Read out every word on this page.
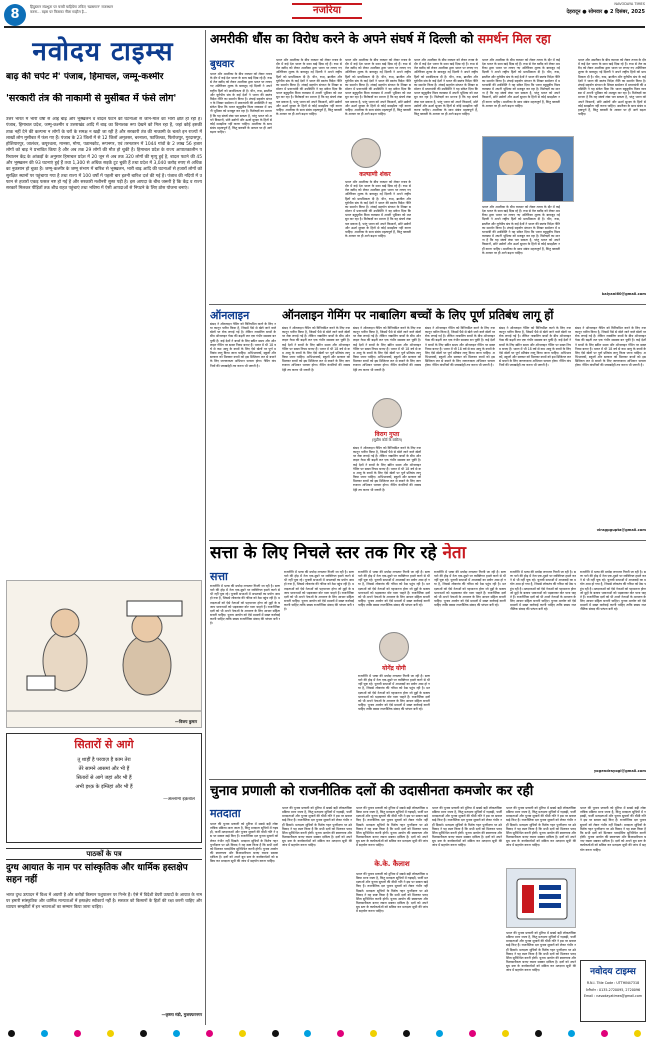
8	हिंदुस्तान संप्रभुता पर चरबी चाहियेगा तकिए 'खासगान' राजस्थान
करना... बहस पर किसका नीला माहौल है...	नजरिया
NAVODAYA TIMES
देहरादून ● सोमवार ● 2 दिसंबर, 2025
नवोदय टाइम्स
बाढ़ की चपेट में' पंजाब, हिमाचल, जम्मू-कश्मीर
'सरकारी तंत्र की नाकामी से मुसीबत में फंसे लोग'
उत्तर भारत में भारी वर्षा से आई बाढ़ और भूस्खलन व बादल फटने की घटनाओं से जान-माल को भारी क्षति हो रही है। पंजाब, हिमाचल प्रदेश, जम्मू-कश्मीर व उत्तराखंड आदि में बाढ़ का विनाशक रूप देखने को मिल रहा है, जहां कोई इसकी ताक नहीं देने की कल्पना न लोगों के घरों के समक्ष न खड़ी जा रही है और सरकारी तंत्र की नाकामी के चलते इन राज्यों में लाखों लोग मुसीबत में फंस गए हैं। पंजाब के 23 जिलों में से 12 जिलों अमृतसर, बरनाला, फाजिल्का, फिरोजपुर, गुरदासपुर, होशियारपुर, जालंधर, कपूरथला, मानसा, मोगा, पठानकोट, रूपनगर, एवं तरनतारन में 1044 गांवों के 2 लाख 56 हजार लोगों को बाढ़ ने प्रभावित किया है और अब तक 29 लोगों की मौत हो चुकी है। हिमाचल प्रदेश के राज्य आपातकालीन परिचालन केंद्र के आंकड़ों के अनुसार हिमाचल प्रदेश में 20 जून से अब तक 320 लोगों की मृत्यु हुई है, बादल फटने की 45 और भूस्खलन की 93 घटनाएं हुई हैं तथा 1,300 से अधिक सड़कें टूट चुकी हैं तथा प्रदेश में 3,040 करोड़ रुपए से अधिक का नुकसान हो चुका है। जम्मू-कश्मीर के जम्मू संभाग में बारिश से भूस्खलन, भारी बाढ़ आदि की घटनाओं से हजारों लोगों को सुरक्षित स्थानों पर पहुंचाया गया है तथा राज्य में 100 वर्षों में पहली बार इतनी बारिश दर्ज की गई है। पंजाब की नदियों में उफान से हजारों एकड़ फसल नष्ट हो गई है और सरकारी मशीनरी सुस्त पड़ी है। इस आपदा के बीच जरूरी है कि केंद्र व राज्य सरकारें मिलकर पीड़ितों तक शीघ्र राहत पहुंचाएं तथा भविष्य में ऐसी आपदाओं से निपटने के लिए ठोस योजना बनाएं।
—विजय कुमार
सितारों से आगे
तू शाहीं है परवाज़ है काम तेरा
तेरे सामने आसमां और भी हैं
सितारों से आगे जहां और भी हैं
अभी इश्क़ के इम्तिहां और भी हैं
—अल्लामा इक़बाल
पाठकों के पत्र
दुग्ध आयात के नाम पर सांस्कृतिक और धार्मिक हस्तक्षेप सहन नहीं
भारत दुग्ध उत्पादन में विश्व में अग्रणी है और करोड़ों किसान पशुपालन पर निर्भर हैं। ऐसे में विदेशी डेयरी उत्पादों के आयात के नाम पर हमारी सांस्कृतिक और धार्मिक मान्यताओं में हस्तक्षेप स्वीकार्य नहीं है। सरकार को किसानों के हितों की रक्षा करनी चाहिए और व्यापार समझौतों में इन भावनाओं का सम्मान किया जाना चाहिए।
—कृष्णा मंडी, मुजफ्फरनगर
अमरीकी धौंस का विरोध करने के अपने संघर्ष में दिल्ली को समर्थन मिल रहा
बुधवार
भारत और अमरीका के बीच व्यापार को लेकर तनाव के दौर में कई देश भारत के साथ खड़े दिख रहे हैं। रूस से तेल खरीद को लेकर अमरीका द्वारा भारत पर लगाए गए अतिरिक्त शुल्क के बावजूद नई दिल्ली ने अपने राष्ट्रीय हितों को प्राथमिकता दी है। चीन, रूस, ब्राजील और यूरोपीय संघ के कई देशों ने भारत की स्वतंत्र विदेश नीति का समर्थन किया है। शंघाई सहयोग संगठन के शिखर सम्मेलन में प्रधानमंत्री की उपस्थिति ने यह संकेत दिया कि भारत बहुध्रुवीय विश्व व्यवस्था में अपनी भूमिका को मजबूत कर रहा है। विशेषज्ञों का मानना है कि यह संघर्ष लंबा चल सकता है, परंतु भारत को अपने किसानों, छोटे उद्योगों और ऊर्जा सुरक्षा के हितों से कोई समझौता नहीं करना चाहिए। अमरीका के साथ संबंध महत्वपूर्ण हैं, किंतु बराबरी के आधार पर ही आगे बढ़ना चाहिए।
भारत और अमरीका के बीच व्यापार को लेकर तनाव के दौर में कई देश भारत के साथ खड़े दिख रहे हैं। रूस से तेल खरीद को लेकर अमरीका द्वारा भारत पर लगाए गए अतिरिक्त शुल्क के बावजूद नई दिल्ली ने अपने राष्ट्रीय हितों को प्राथमिकता दी है। चीन, रूस, ब्राजील और यूरोपीय संघ के कई देशों ने भारत की स्वतंत्र विदेश नीति का समर्थन किया है। शंघाई सहयोग संगठन के शिखर सम्मेलन में प्रधानमंत्री की उपस्थिति ने यह संकेत दिया कि भारत बहुध्रुवीय विश्व व्यवस्था में अपनी भूमिका को मजबूत कर रहा है। विशेषज्ञों का मानना है कि यह संघर्ष लंबा चल सकता है, परंतु भारत को अपने किसानों, छोटे उद्योगों और ऊर्जा सुरक्षा के हितों से कोई समझौता नहीं करना चाहिए। अमरीका के साथ संबंध महत्वपूर्ण हैं, किंतु बराबरी के आधार पर ही आगे बढ़ना चाहिए।
कल्याणी शंकर
भारत और अमरीका के बीच व्यापार को लेकर तनाव के दौर में कई देश भारत के साथ खड़े दिख रहे हैं। रूस से तेल खरीद को लेकर अमरीका द्वारा भारत पर लगाए गए अतिरिक्त शुल्क के बावजूद नई दिल्ली ने अपने राष्ट्रीय हितों को प्राथमिकता दी है। चीन, रूस, ब्राजील और यूरोपीय संघ के कई देशों ने भारत की स्वतंत्र विदेश नीति का समर्थन किया है। शंघाई सहयोग संगठन के शिखर सम्मेलन में प्रधानमंत्री की उपस्थिति ने यह संकेत दिया कि भारत बहुध्रुवीय विश्व व्यवस्था में अपनी भूमिका को मजबूत कर रहा है। विशेषज्ञों का मानना है कि यह संघर्ष लंबा चल सकता है, परंतु भारत को अपने किसानों, छोटे उद्योगों और ऊर्जा सुरक्षा के हितों से कोई समझौता नहीं करना चाहिए। अमरीका के साथ संबंध महत्वपूर्ण हैं, किंतु बराबरी के आधार पर ही आगे बढ़ना चाहिए।
भारत और अमरीका के बीच व्यापार को लेकर तनाव के दौर में कई देश भारत के साथ खड़े दिख रहे हैं। रूस से तेल खरीद को लेकर अमरीका द्वारा भारत पर लगाए गए अतिरिक्त शुल्क के बावजूद नई दिल्ली ने अपने राष्ट्रीय हितों को प्राथमिकता दी है। चीन, रूस, ब्राजील और यूरोपीय संघ के कई देशों ने भारत की स्वतंत्र विदेश नीति का समर्थन किया है। शंघाई सहयोग संगठन के शिखर सम्मेलन में प्रधानमंत्री की उपस्थिति ने यह संकेत दिया कि भारत बहुध्रुवीय विश्व व्यवस्था में अपनी भूमिका को मजबूत कर रहा है। विशेषज्ञों का मानना है कि यह संघर्ष लंबा चल सकता है, परंतु भारत को अपने किसानों, छोटे उद्योगों और ऊर्जा सुरक्षा के हितों से कोई समझौता नहीं करना चाहिए। अमरीका के साथ संबंध महत्वपूर्ण हैं, किंतु बराबरी के आधार पर ही आगे बढ़ना चाहिए।
भारत और अमरीका के बीच व्यापार को लेकर तनाव के दौर में कई देश भारत के साथ खड़े दिख रहे हैं। रूस से तेल खरीद को लेकर अमरीका द्वारा भारत पर लगाए गए अतिरिक्त शुल्क के बावजूद नई दिल्ली ने अपने राष्ट्रीय हितों को प्राथमिकता दी है। चीन, रूस, ब्राजील और यूरोपीय संघ के कई देशों ने भारत की स्वतंत्र विदेश नीति का समर्थन किया है। शंघाई सहयोग संगठन के शिखर सम्मेलन में प्रधानमंत्री की उपस्थिति ने यह संकेत दिया कि भारत बहुध्रुवीय विश्व व्यवस्था में अपनी भूमिका को मजबूत कर रहा है। विशेषज्ञों का मानना है कि यह संघर्ष लंबा चल सकता है, परंतु भारत को अपने किसानों, छोटे उद्योगों और ऊर्जा सुरक्षा के हितों से कोई समझौता नहीं करना चाहिए। अमरीका के साथ संबंध महत्वपूर्ण हैं, किंतु बराबरी के आधार पर ही आगे बढ़ना चाहिए।
भारत और अमरीका के बीच व्यापार को लेकर तनाव के दौर में कई देश भारत के साथ खड़े दिख रहे हैं। रूस से तेल खरीद को लेकर अमरीका द्वारा भारत पर लगाए गए अतिरिक्त शुल्क के बावजूद नई दिल्ली ने अपने राष्ट्रीय हितों को प्राथमिकता दी है। चीन, रूस, ब्राजील और यूरोपीय संघ के कई देशों ने भारत की स्वतंत्र विदेश नीति का समर्थन किया है। शंघाई सहयोग संगठन के शिखर सम्मेलन में प्रधानमंत्री की उपस्थिति ने यह संकेत दिया कि भारत बहुध्रुवीय विश्व व्यवस्था में अपनी भूमिका को मजबूत कर रहा है। विशेषज्ञों का मानना है कि यह संघर्ष लंबा चल सकता है, परंतु भारत को अपने किसानों, छोटे उद्योगों और ऊर्जा सुरक्षा के हितों से कोई समझौता नहीं करना चाहिए। अमरीका के साथ संबंध महत्वपूर्ण हैं, किंतु बराबरी के आधार पर ही आगे बढ़ना चाहिए।
भारत और अमरीका के बीच व्यापार को लेकर तनाव के दौर में कई देश भारत के साथ खड़े दिख रहे हैं। रूस से तेल खरीद को लेकर अमरीका द्वारा भारत पर लगाए गए अतिरिक्त शुल्क के बावजूद नई दिल्ली ने अपने राष्ट्रीय हितों को प्राथमिकता दी है। चीन, रूस, ब्राजील और यूरोपीय संघ के कई देशों ने भारत की स्वतंत्र विदेश नीति का समर्थन किया है। शंघाई सहयोग संगठन के शिखर सम्मेलन में प्रधानमंत्री की उपस्थिति ने यह संकेत दिया कि भारत बहुध्रुवीय विश्व व्यवस्था में अपनी भूमिका को मजबूत कर रहा है। विशेषज्ञों का मानना है कि यह संघर्ष लंबा चल सकता है, परंतु भारत को अपने किसानों, छोटे उद्योगों और ऊर्जा सुरक्षा के हितों से कोई समझौता नहीं करना चाहिए। अमरीका के साथ संबंध महत्वपूर्ण हैं, किंतु बराबरी के आधार पर ही आगे बढ़ना चाहिए।
भारत और अमरीका के बीच व्यापार को लेकर तनाव के दौर में कई देश भारत के साथ खड़े दिख रहे हैं। रूस से तेल खरीद को लेकर अमरीका द्वारा भारत पर लगाए गए अतिरिक्त शुल्क के बावजूद नई दिल्ली ने अपने राष्ट्रीय हितों को प्राथमिकता दी है। चीन, रूस, ब्राजील और यूरोपीय संघ के कई देशों ने भारत की स्वतंत्र विदेश नीति का समर्थन किया है। शंघाई सहयोग संगठन के शिखर सम्मेलन में प्रधानमंत्री की उपस्थिति ने यह संकेत दिया कि भारत बहुध्रुवीय विश्व व्यवस्था में अपनी भूमिका को मजबूत कर रहा है। विशेषज्ञों का मानना है कि यह संघर्ष लंबा चल सकता है, परंतु भारत को अपने किसानों, छोटे उद्योगों और ऊर्जा सुरक्षा के हितों से कोई समझौता नहीं करना चाहिए। अमरीका के साथ संबंध महत्वपूर्ण हैं, किंतु बराबरी के आधार पर ही आगे बढ़ना चाहिए।
kalyani60@gmail.com
ऑनलाइन
संसद ने ऑनलाइन गेमिंग को विनियमित करने के लिए नया कानून पारित किया है, जिसमें पैसे से खेले जाने वाले खेलों पर रोक लगाई गई है। लेकिन नाबालिग बच्चों के बीच ऑनलाइन गेम्स की बढ़ती लत एक गंभीर समस्या बन चुकी है। कई देशों ने बच्चों के लिए स्क्रीन समय और ऑनलाइन गेमिंग पर सख्त नियम बनाए हैं। भारत में भी 18 वर्ष से कम आयु के बच्चों के लिए ऐसे खेलों पर पूर्ण प्रतिबंध लागू किया जाना चाहिए। अभिभावकों, स्कूलों और सरकार को मिलकर बच्चों को इस डिजिटल लत से बचाने के लिए जागरूकता अभियान चलाना होगा। गेमिंग कंपनियों की जवाबदेही तय करना भी जरूरी है।
ऑनलाइन गेमिंग पर नाबालिग बच्चों के लिए पूर्ण प्रतिबंध लागू हों
संसद ने ऑनलाइन गेमिंग को विनियमित करने के लिए नया कानून पारित किया है, जिसमें पैसे से खेले जाने वाले खेलों पर रोक लगाई गई है। लेकिन नाबालिग बच्चों के बीच ऑनलाइन गेम्स की बढ़ती लत एक गंभीर समस्या बन चुकी है। कई देशों ने बच्चों के लिए स्क्रीन समय और ऑनलाइन गेमिंग पर सख्त नियम बनाए हैं। भारत में भी 18 वर्ष से कम आयु के बच्चों के लिए ऐसे खेलों पर पूर्ण प्रतिबंध लागू किया जाना चाहिए। अभिभावकों, स्कूलों और सरकार को मिलकर बच्चों को इस डिजिटल लत से बचाने के लिए जागरूकता अभियान चलाना होगा। गेमिंग कंपनियों की जवाबदेही तय करना भी जरूरी है।
संसद ने ऑनलाइन गेमिंग को विनियमित करने के लिए नया कानून पारित किया है, जिसमें पैसे से खेले जाने वाले खेलों पर रोक लगाई गई है। लेकिन नाबालिग बच्चों के बीच ऑनलाइन गेम्स की बढ़ती लत एक गंभीर समस्या बन चुकी है। कई देशों ने बच्चों के लिए स्क्रीन समय और ऑनलाइन गेमिंग पर सख्त नियम बनाए हैं। भारत में भी 18 वर्ष से कम आयु के बच्चों के लिए ऐसे खेलों पर पूर्ण प्रतिबंध लागू किया जाना चाहिए। अभिभावकों, स्कूलों और सरकार को मिलकर बच्चों को इस डिजिटल लत से बचाने के लिए जागरूकता अभियान चलाना होगा। गेमिंग कंपनियों की जवाबदेही तय करना भी जरूरी है।
विराग गुप्ता
(सुप्रीम कोर्ट के वकील)
संसद ने ऑनलाइन गेमिंग को विनियमित करने के लिए नया कानून पारित किया है, जिसमें पैसे से खेले जाने वाले खेलों पर रोक लगाई गई है। लेकिन नाबालिग बच्चों के बीच ऑनलाइन गेम्स की बढ़ती लत एक गंभीर समस्या बन चुकी है। कई देशों ने बच्चों के लिए स्क्रीन समय और ऑनलाइन गेमिंग पर सख्त नियम बनाए हैं। भारत में भी 18 वर्ष से कम आयु के बच्चों के लिए ऐसे खेलों पर पूर्ण प्रतिबंध लागू किया जाना चाहिए। अभिभावकों, स्कूलों और सरकार को मिलकर बच्चों को इस डिजिटल लत से बचाने के लिए जागरूकता अभियान चलाना होगा। गेमिंग कंपनियों की जवाबदेही तय करना भी जरूरी है।
संसद ने ऑनलाइन गेमिंग को विनियमित करने के लिए नया कानून पारित किया है, जिसमें पैसे से खेले जाने वाले खेलों पर रोक लगाई गई है। लेकिन नाबालिग बच्चों के बीच ऑनलाइन गेम्स की बढ़ती लत एक गंभीर समस्या बन चुकी है। कई देशों ने बच्चों के लिए स्क्रीन समय और ऑनलाइन गेमिंग पर सख्त नियम बनाए हैं। भारत में भी 18 वर्ष से कम आयु के बच्चों के लिए ऐसे खेलों पर पूर्ण प्रतिबंध लागू किया जाना चाहिए। अभिभावकों, स्कूलों और सरकार को मिलकर बच्चों को इस डिजिटल लत से बचाने के लिए जागरूकता अभियान चलाना होगा। गेमिंग कंपनियों की जवाबदेही तय करना भी जरूरी है।
संसद ने ऑनलाइन गेमिंग को विनियमित करने के लिए नया कानून पारित किया है, जिसमें पैसे से खेले जाने वाले खेलों पर रोक लगाई गई है। लेकिन नाबालिग बच्चों के बीच ऑनलाइन गेम्स की बढ़ती लत एक गंभीर समस्या बन चुकी है। कई देशों ने बच्चों के लिए स्क्रीन समय और ऑनलाइन गेमिंग पर सख्त नियम बनाए हैं। भारत में भी 18 वर्ष से कम आयु के बच्चों के लिए ऐसे खेलों पर पूर्ण प्रतिबंध लागू किया जाना चाहिए। अभिभावकों, स्कूलों और सरकार को मिलकर बच्चों को इस डिजिटल लत से बचाने के लिए जागरूकता अभियान चलाना होगा। गेमिंग कंपनियों की जवाबदेही तय करना भी जरूरी है।
संसद ने ऑनलाइन गेमिंग को विनियमित करने के लिए नया कानून पारित किया है, जिसमें पैसे से खेले जाने वाले खेलों पर रोक लगाई गई है। लेकिन नाबालिग बच्चों के बीच ऑनलाइन गेम्स की बढ़ती लत एक गंभीर समस्या बन चुकी है। कई देशों ने बच्चों के लिए स्क्रीन समय और ऑनलाइन गेमिंग पर सख्त नियम बनाए हैं। भारत में भी 18 वर्ष से कम आयु के बच्चों के लिए ऐसे खेलों पर पूर्ण प्रतिबंध लागू किया जाना चाहिए। अभिभावकों, स्कूलों और सरकार को मिलकर बच्चों को इस डिजिटल लत से बचाने के लिए जागरूकता अभियान चलाना होगा। गेमिंग कंपनियों की जवाबदेही तय करना भी जरूरी है।
viragpgupta@gmail.com
सत्ता के लिए निचले स्तर तक गिर रहे नेता
सत्ता
राजनीति में भाषा की मर्यादा लगातार गिरती जा रही है। सत्ता पाने की होड़ में नेता एक-दूसरे पर व्यक्तिगत हमले करने से भी नहीं चूक रहे। चुनावी सभाओं में अपशब्दों का प्रयोग आम हो गया है, जिससे लोकतंत्र की गरिमा को ठेस पहुंच रही है। मतदाताओं को ऐसे नेताओं को पहचानना होगा जो मुद्दों के बजाय भावनाओं को भड़काकर वोट पाना चाहते हैं। राजनीतिक दलों को भी अपने नेताओं के आचरण के लिए आचार संहिता बनानी चाहिए। चुनाव आयोग को ऐसे मामलों में सख्त कार्रवाई करनी चाहिए ताकि स्वस्थ राजनीतिक संवाद की परंपरा बनी रहे।
राजनीति में भाषा की मर्यादा लगातार गिरती जा रही है। सत्ता पाने की होड़ में नेता एक-दूसरे पर व्यक्तिगत हमले करने से भी नहीं चूक रहे। चुनावी सभाओं में अपशब्दों का प्रयोग आम हो गया है, जिससे लोकतंत्र की गरिमा को ठेस पहुंच रही है। मतदाताओं को ऐसे नेताओं को पहचानना होगा जो मुद्दों के बजाय भावनाओं को भड़काकर वोट पाना चाहते हैं। राजनीतिक दलों को भी अपने नेताओं के आचरण के लिए आचार संहिता बनानी चाहिए। चुनाव आयोग को ऐसे मामलों में सख्त कार्रवाई करनी चाहिए ताकि स्वस्थ राजनीतिक संवाद की परंपरा बनी रहे।
राजनीति में भाषा की मर्यादा लगातार गिरती जा रही है। सत्ता पाने की होड़ में नेता एक-दूसरे पर व्यक्तिगत हमले करने से भी नहीं चूक रहे। चुनावी सभाओं में अपशब्दों का प्रयोग आम हो गया है, जिससे लोकतंत्र की गरिमा को ठेस पहुंच रही है। मतदाताओं को ऐसे नेताओं को पहचानना होगा जो मुद्दों के बजाय भावनाओं को भड़काकर वोट पाना चाहते हैं। राजनीतिक दलों को भी अपने नेताओं के आचरण के लिए आचार संहिता बनानी चाहिए। चुनाव आयोग को ऐसे मामलों में सख्त कार्रवाई करनी चाहिए ताकि स्वस्थ राजनीतिक संवाद की परंपरा बनी रहे।
योगेंद्र योगी
राजनीति में भाषा की मर्यादा लगातार गिरती जा रही है। सत्ता पाने की होड़ में नेता एक-दूसरे पर व्यक्तिगत हमले करने से भी नहीं चूक रहे। चुनावी सभाओं में अपशब्दों का प्रयोग आम हो गया है, जिससे लोकतंत्र की गरिमा को ठेस पहुंच रही है। मतदाताओं को ऐसे नेताओं को पहचानना होगा जो मुद्दों के बजाय भावनाओं को भड़काकर वोट पाना चाहते हैं। राजनीतिक दलों को भी अपने नेताओं के आचरण के लिए आचार संहिता बनानी चाहिए। चुनाव आयोग को ऐसे मामलों में सख्त कार्रवाई करनी चाहिए ताकि स्वस्थ राजनीतिक संवाद की परंपरा बनी रहे।
राजनीति में भाषा की मर्यादा लगातार गिरती जा रही है। सत्ता पाने की होड़ में नेता एक-दूसरे पर व्यक्तिगत हमले करने से भी नहीं चूक रहे। चुनावी सभाओं में अपशब्दों का प्रयोग आम हो गया है, जिससे लोकतंत्र की गरिमा को ठेस पहुंच रही है। मतदाताओं को ऐसे नेताओं को पहचानना होगा जो मुद्दों के बजाय भावनाओं को भड़काकर वोट पाना चाहते हैं। राजनीतिक दलों को भी अपने नेताओं के आचरण के लिए आचार संहिता बनानी चाहिए। चुनाव आयोग को ऐसे मामलों में सख्त कार्रवाई करनी चाहिए ताकि स्वस्थ राजनीतिक संवाद की परंपरा बनी रहे।
राजनीति में भाषा की मर्यादा लगातार गिरती जा रही है। सत्ता पाने की होड़ में नेता एक-दूसरे पर व्यक्तिगत हमले करने से भी नहीं चूक रहे। चुनावी सभाओं में अपशब्दों का प्रयोग आम हो गया है, जिससे लोकतंत्र की गरिमा को ठेस पहुंच रही है। मतदाताओं को ऐसे नेताओं को पहचानना होगा जो मुद्दों के बजाय भावनाओं को भड़काकर वोट पाना चाहते हैं। राजनीतिक दलों को भी अपने नेताओं के आचरण के लिए आचार संहिता बनानी चाहिए। चुनाव आयोग को ऐसे मामलों में सख्त कार्रवाई करनी चाहिए ताकि स्वस्थ राजनीतिक संवाद की परंपरा बनी रहे।
राजनीति में भाषा की मर्यादा लगातार गिरती जा रही है। सत्ता पाने की होड़ में नेता एक-दूसरे पर व्यक्तिगत हमले करने से भी नहीं चूक रहे। चुनावी सभाओं में अपशब्दों का प्रयोग आम हो गया है, जिससे लोकतंत्र की गरिमा को ठेस पहुंच रही है। मतदाताओं को ऐसे नेताओं को पहचानना होगा जो मुद्दों के बजाय भावनाओं को भड़काकर वोट पाना चाहते हैं। राजनीतिक दलों को भी अपने नेताओं के आचरण के लिए आचार संहिता बनानी चाहिए। चुनाव आयोग को ऐसे मामलों में सख्त कार्रवाई करनी चाहिए ताकि स्वस्थ राजनीतिक संवाद की परंपरा बनी रहे।
yogendrayogi@gmail.com
चुनाव प्रणाली को राजनीतिक दलों की उदासीनता कमजोर कर रही
मतदाता
भारत की चुनाव प्रणाली को दुनिया में सबसे बड़ी लोकतांत्रिक प्रक्रिया माना जाता है, किंतु मतदाता सूचियों में गड़बड़ी, फर्जी मतदाताओं और चुनाव सुधारों की धीमी गति ने इस पर सवाल खड़े किए हैं। राजनीतिक दल चुनाव सुधारों को लेकर गंभीर नहीं दिखते। मतदाता सूचियों के विशेष गहन पुनरीक्षण पर उठे विवाद ने यह स्पष्ट किया है कि सभी दलों को मिलकर पारदर्शिता सुनिश्चित करनी होगी। चुनाव आयोग की स्वायत्तता और विश्वसनीयता बनाए रखना सबका दायित्व है। दलों को अपने बूथ स्तर के कार्यकर्ताओं को सक्रिय कर मतदाता सूची की जांच में सहयोग करना चाहिए।
भारत की चुनाव प्रणाली को दुनिया में सबसे बड़ी लोकतांत्रिक प्रक्रिया माना जाता है, किंतु मतदाता सूचियों में गड़बड़ी, फर्जी मतदाताओं और चुनाव सुधारों की धीमी गति ने इस पर सवाल खड़े किए हैं। राजनीतिक दल चुनाव सुधारों को लेकर गंभीर नहीं दिखते। मतदाता सूचियों के विशेष गहन पुनरीक्षण पर उठे विवाद ने यह स्पष्ट किया है कि सभी दलों को मिलकर पारदर्शिता सुनिश्चित करनी होगी। चुनाव आयोग की स्वायत्तता और विश्वसनीयता बनाए रखना सबका दायित्व है। दलों को अपने बूथ स्तर के कार्यकर्ताओं को सक्रिय कर मतदाता सूची की जांच में सहयोग करना चाहिए।
भारत की चुनाव प्रणाली को दुनिया में सबसे बड़ी लोकतांत्रिक प्रक्रिया माना जाता है, किंतु मतदाता सूचियों में गड़बड़ी, फर्जी मतदाताओं और चुनाव सुधारों की धीमी गति ने इस पर सवाल खड़े किए हैं। राजनीतिक दल चुनाव सुधारों को लेकर गंभीर नहीं दिखते। मतदाता सूचियों के विशेष गहन पुनरीक्षण पर उठे विवाद ने यह स्पष्ट किया है कि सभी दलों को मिलकर पारदर्शिता सुनिश्चित करनी होगी। चुनाव आयोग की स्वायत्तता और विश्वसनीयता बनाए रखना सबका दायित्व है। दलों को अपने बूथ स्तर के कार्यकर्ताओं को सक्रिय कर मतदाता सूची की जांच में सहयोग करना चाहिए।
के.के. कैलाश
भारत की चुनाव प्रणाली को दुनिया में सबसे बड़ी लोकतांत्रिक प्रक्रिया माना जाता है, किंतु मतदाता सूचियों में गड़बड़ी, फर्जी मतदाताओं और चुनाव सुधारों की धीमी गति ने इस पर सवाल खड़े किए हैं। राजनीतिक दल चुनाव सुधारों को लेकर गंभीर नहीं दिखते। मतदाता सूचियों के विशेष गहन पुनरीक्षण पर उठे विवाद ने यह स्पष्ट किया है कि सभी दलों को मिलकर पारदर्शिता सुनिश्चित करनी होगी। चुनाव आयोग की स्वायत्तता और विश्वसनीयता बनाए रखना सबका दायित्व है। दलों को अपने बूथ स्तर के कार्यकर्ताओं को सक्रिय कर मतदाता सूची की जांच में सहयोग करना चाहिए।
भारत की चुनाव प्रणाली को दुनिया में सबसे बड़ी लोकतांत्रिक प्रक्रिया माना जाता है, किंतु मतदाता सूचियों में गड़बड़ी, फर्जी मतदाताओं और चुनाव सुधारों की धीमी गति ने इस पर सवाल खड़े किए हैं। राजनीतिक दल चुनाव सुधारों को लेकर गंभीर नहीं दिखते। मतदाता सूचियों के विशेष गहन पुनरीक्षण पर उठे विवाद ने यह स्पष्ट किया है कि सभी दलों को मिलकर पारदर्शिता सुनिश्चित करनी होगी। चुनाव आयोग की स्वायत्तता और विश्वसनीयता बनाए रखना सबका दायित्व है। दलों को अपने बूथ स्तर के कार्यकर्ताओं को सक्रिय कर मतदाता सूची की जांच में सहयोग करना चाहिए।
भारत की चुनाव प्रणाली को दुनिया में सबसे बड़ी लोकतांत्रिक प्रक्रिया माना जाता है, किंतु मतदाता सूचियों में गड़बड़ी, फर्जी मतदाताओं और चुनाव सुधारों की धीमी गति ने इस पर सवाल खड़े किए हैं। राजनीतिक दल चुनाव सुधारों को लेकर गंभीर नहीं दिखते। मतदाता सूचियों के विशेष गहन पुनरीक्षण पर उठे विवाद ने यह स्पष्ट किया है कि सभी दलों को मिलकर पारदर्शिता सुनिश्चित करनी होगी। चुनाव आयोग की स्वायत्तता और विश्वसनीयता बनाए रखना सबका दायित्व है। दलों को अपने बूथ स्तर के कार्यकर्ताओं को सक्रिय कर मतदाता सूची की जांच में सहयोग करना चाहिए।
भारत की चुनाव प्रणाली को दुनिया में सबसे बड़ी लोकतांत्रिक प्रक्रिया माना जाता है, किंतु मतदाता सूचियों में गड़बड़ी, फर्जी मतदाताओं और चुनाव सुधारों की धीमी गति ने इस पर सवाल खड़े किए हैं। राजनीतिक दल चुनाव सुधारों को लेकर गंभीर नहीं दिखते। मतदाता सूचियों के विशेष गहन पुनरीक्षण पर उठे विवाद ने यह स्पष्ट किया है कि सभी दलों को मिलकर पारदर्शिता सुनिश्चित करनी होगी। चुनाव आयोग की स्वायत्तता और विश्वसनीयता बनाए रखना सबका दायित्व है। दलों को अपने बूथ स्तर के कार्यकर्ताओं को सक्रिय कर मतदाता सूची की जांच में सहयोग करना चाहिए।
भारत की चुनाव प्रणाली को दुनिया में सबसे बड़ी लोकतांत्रिक प्रक्रिया माना जाता है, किंतु मतदाता सूचियों में गड़बड़ी, फर्जी मतदाताओं और चुनाव सुधारों की धीमी गति ने इस पर सवाल खड़े किए हैं। राजनीतिक दल चुनाव सुधारों को लेकर गंभीर नहीं दिखते। मतदाता सूचियों के विशेष गहन पुनरीक्षण पर उठे विवाद ने यह स्पष्ट किया है कि सभी दलों को मिलकर पारदर्शिता सुनिश्चित करनी होगी। चुनाव आयोग की स्वायत्तता और विश्वसनीयता बनाए रखना सबका दायित्व है। दलों को अपने बूथ स्तर के कार्यकर्ताओं को सक्रिय कर मतदाता सूची की जांच में सहयोग करना चाहिए।
नवोदय टाइम्स
R.N.I. Title Code : UTTHIN47318
टेलीफोन : 0135-2720095, 2720096
Email : navodayatimes@gmail.com
